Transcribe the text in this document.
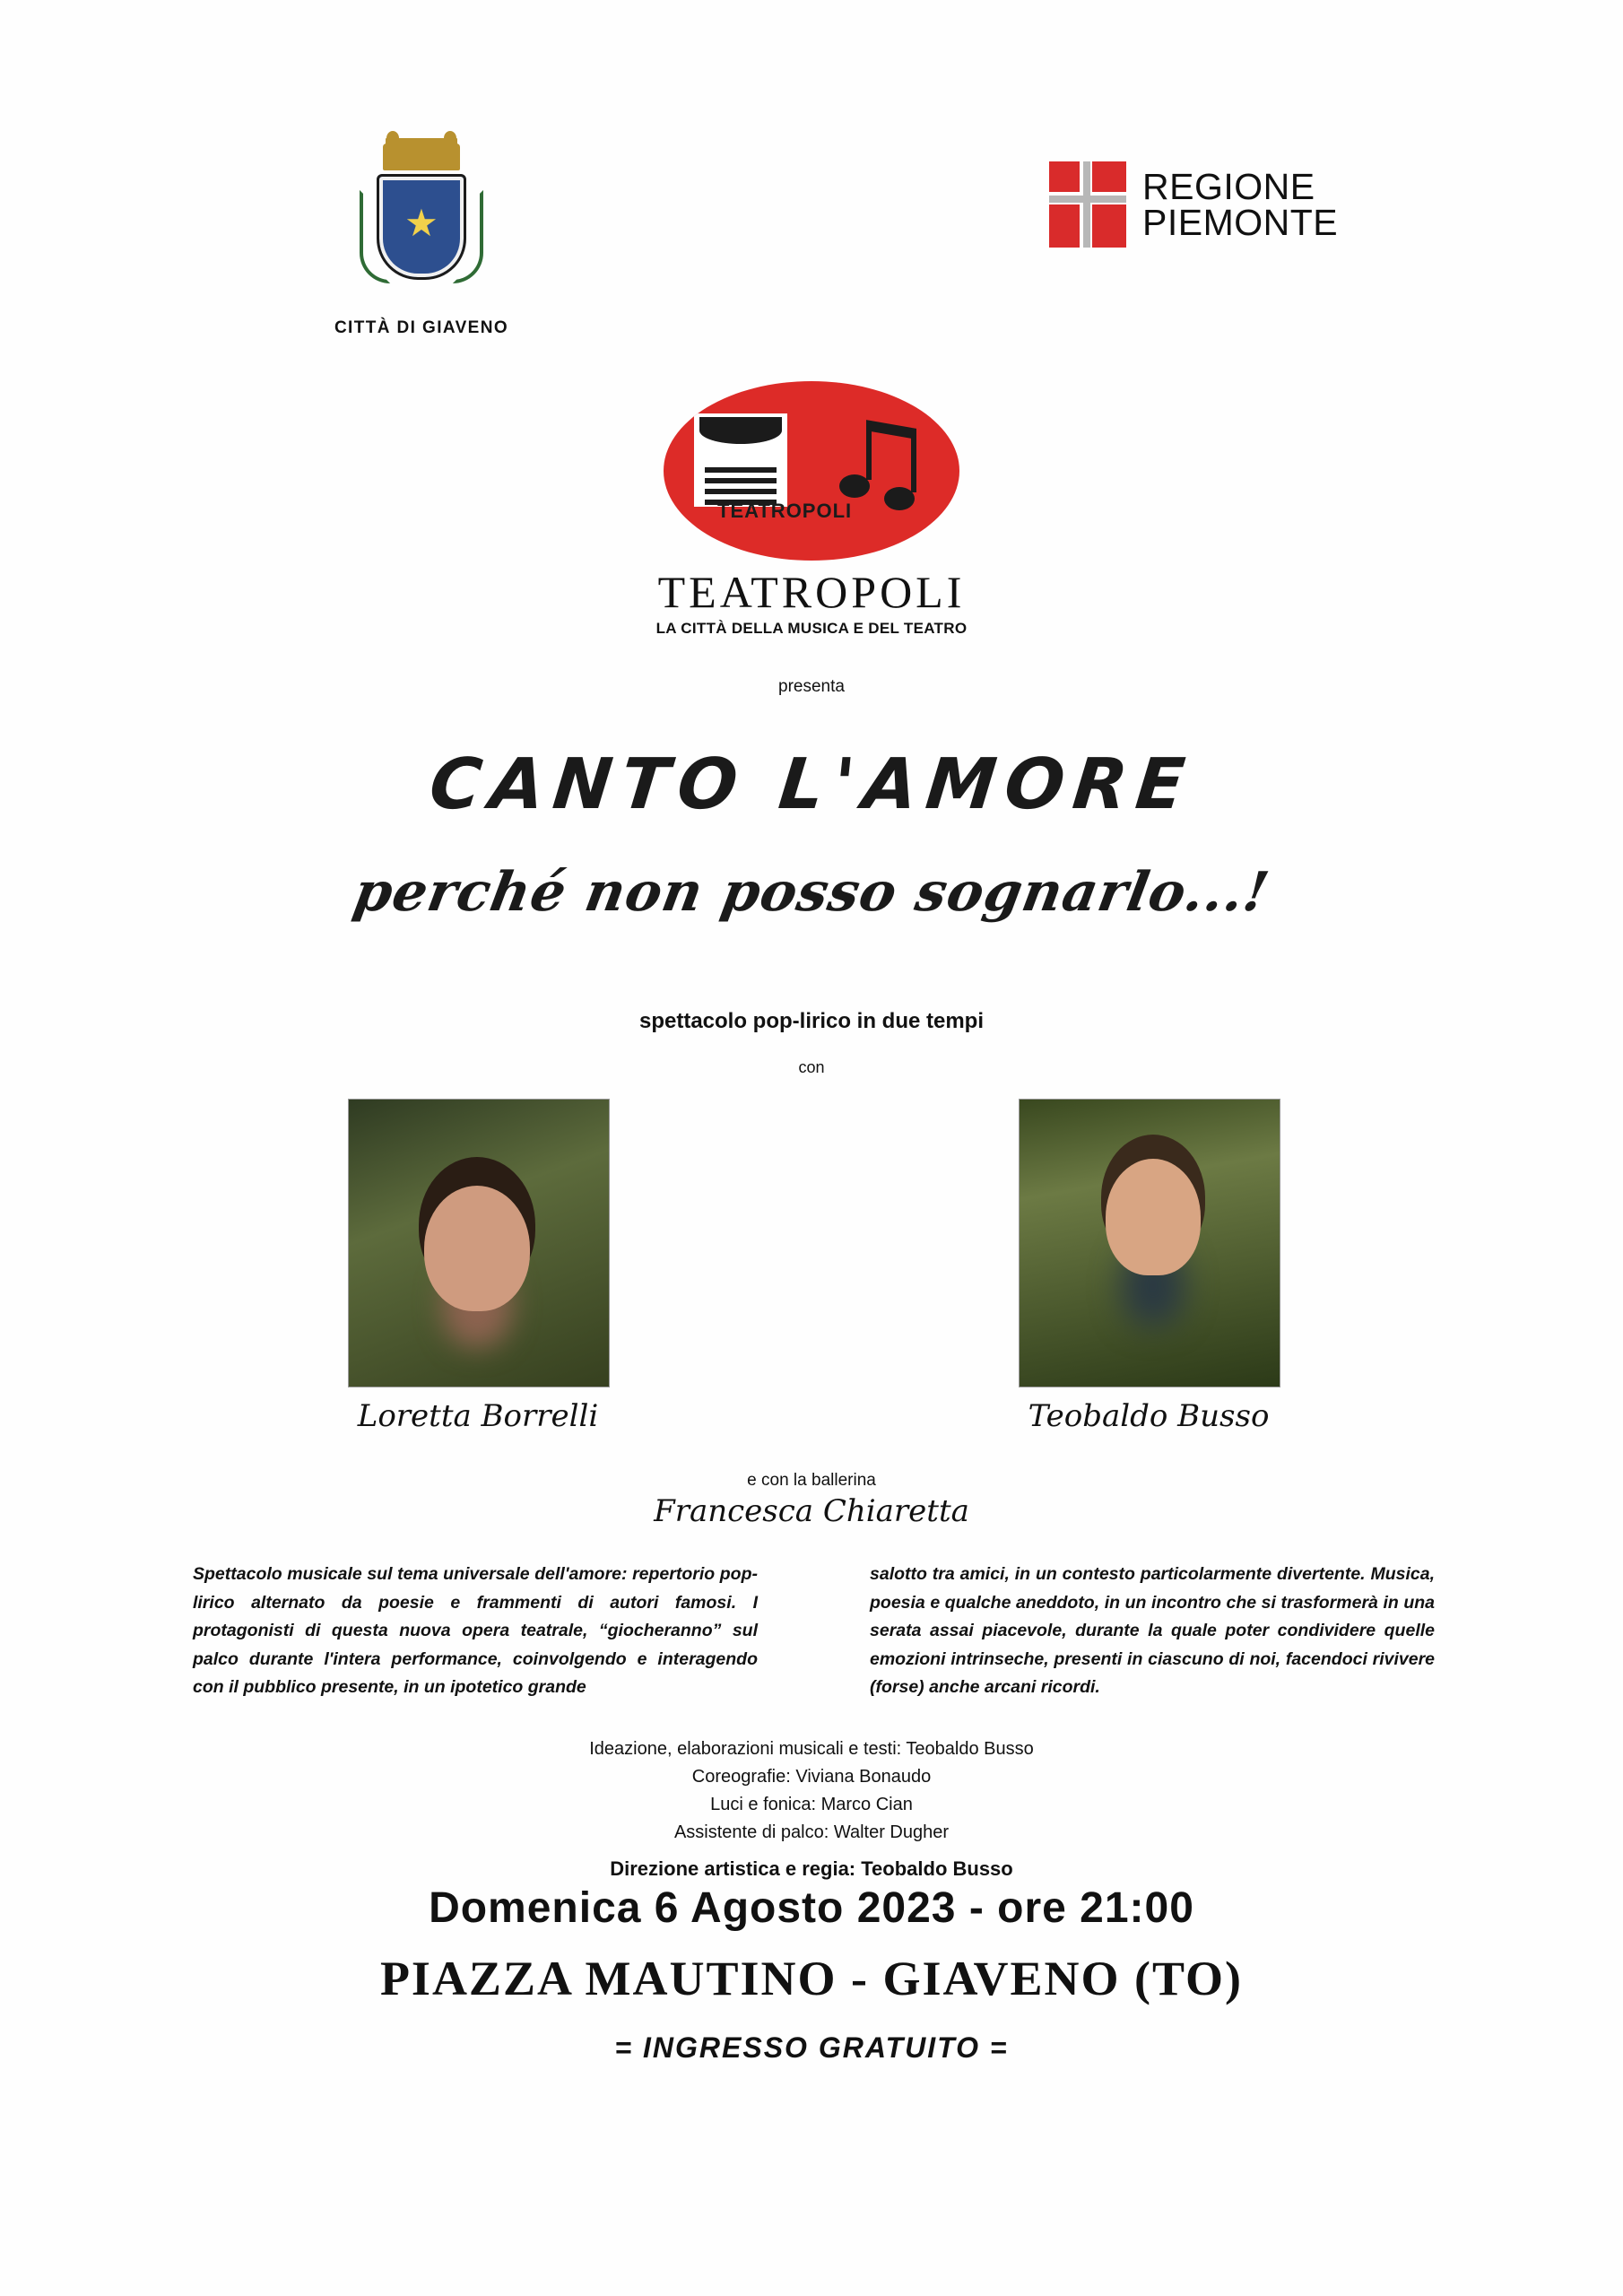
★
CITTÀ DI GIAVENO
REGIONE
PIEMONTE
TEATROPOLI
TEATROPOLI
LA CITTÀ DELLA MUSICA E DEL TEATRO
presenta
CANTO L'AMORE
perché non posso sognarlo...!
spettacolo pop-lirico in due tempi
con
Loretta Borrelli	Teobaldo Busso
e con la ballerina
Francesca Chiaretta
Spettacolo musicale sul tema universale dell'amore: repertorio pop-lirico alternato da poesie e frammenti di autori famosi. I protagonisti di questa nuova opera teatrale, “giocheranno” sul palco durante l'intera performance, coinvolgendo e interagendo con il pubblico presente, in un ipotetico grande
salotto tra amici, in un contesto particolarmente divertente. Musica, poesia e qualche aneddoto, in un incontro che si trasformerà in una serata assai piacevole, durante la quale poter condividere quelle emozioni intrinseche, presenti in ciascuno di noi, facendoci rivivere (forse) anche arcani ricordi.
Ideazione, elaborazioni musicali e testi: Teobaldo Busso
Coreografie: Viviana Bonaudo
Luci e fonica: Marco Cian
Assistente di palco: Walter Dugher
Direzione artistica e regia: Teobaldo Busso
Domenica 6 Agosto 2023 - ore 21:00
PIAZZA MAUTINO - GIAVENO (TO)
= INGRESSO GRATUITO =
